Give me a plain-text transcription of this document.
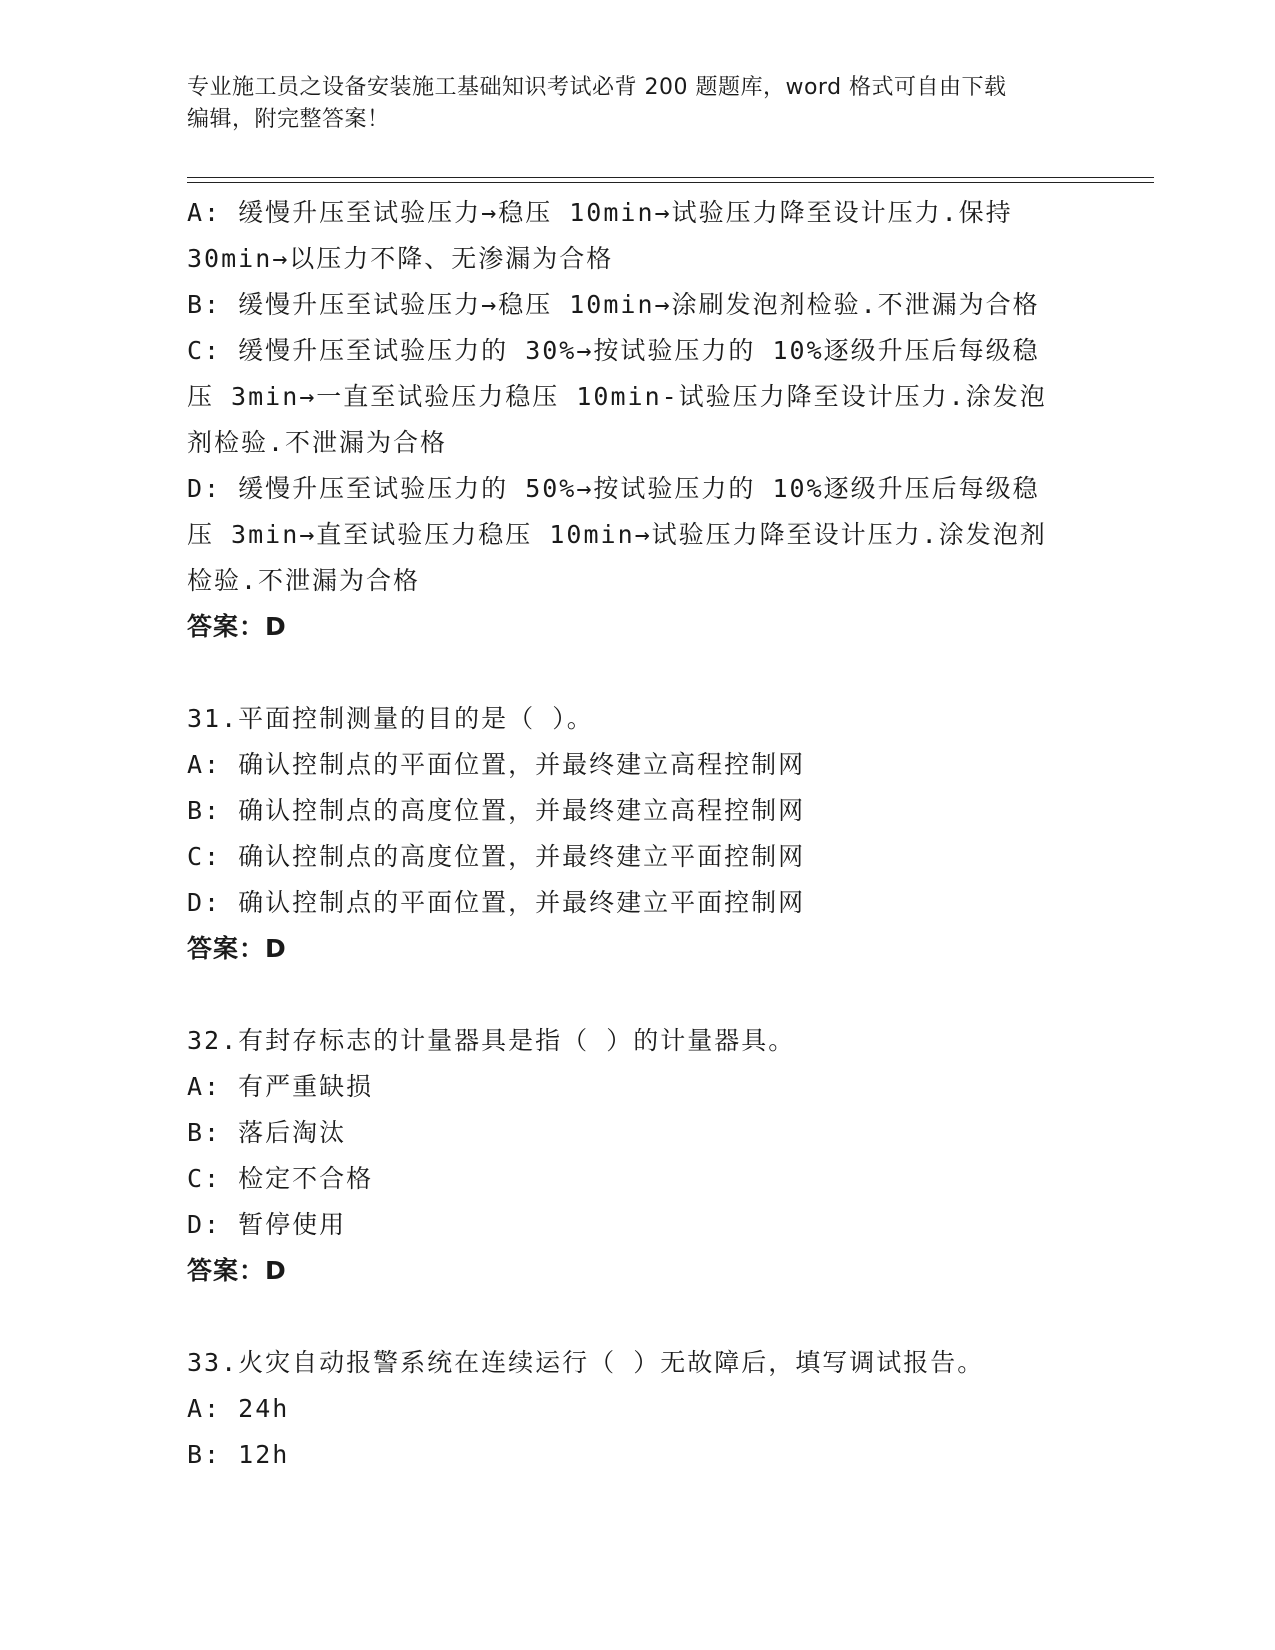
专业施工员之设备安装施工基础知识考试必背 200 题题库，word 格式可自由下载
编辑，附完整答案！
A: 缓慢升压至试验压力→稳压 10min→试验压力降至设计压力.保持
30min→以压力不降、无渗漏为合格
B: 缓慢升压至试验压力→稳压 10min→涂刷发泡剂检验.不泄漏为合格
C: 缓慢升压至试验压力的 30%→按试验压力的 10%逐级升压后每级稳
压 3min→一直至试验压力稳压 10min-试验压力降至设计压力.涂发泡
剂检验.不泄漏为合格
D: 缓慢升压至试验压力的 50%→按试验压力的 10%逐级升压后每级稳
压 3min→直至试验压力稳压 10min→试验压力降至设计压力.涂发泡剂
检验.不泄漏为合格
答案：D
31.平面控制测量的目的是（ ）。
A: 确认控制点的平面位置，并最终建立高程控制网
B: 确认控制点的高度位置，并最终建立高程控制网
C: 确认控制点的高度位置，并最终建立平面控制网
D: 确认控制点的平面位置，并最终建立平面控制网
答案：D
32.有封存标志的计量器具是指（ ）的计量器具。
A: 有严重缺损
B: 落后淘汰
C: 检定不合格
D: 暂停使用
答案：D
33.火灾自动报警系统在连续运行（ ）无故障后，填写调试报告。
A: 24h
B: 12h
